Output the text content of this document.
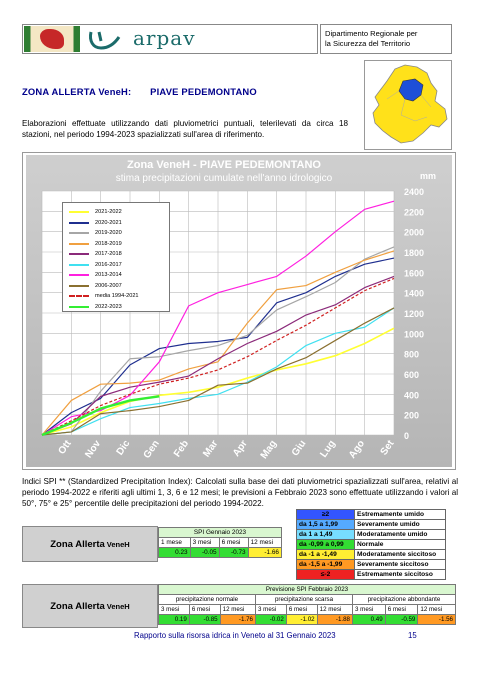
arpav	Dipartimento Regionale per
la Sicurezza del Territorio
ZONA ALLERTA VeneH: PIAVE PEDEMONTANO
Elaborazioni effettuate utilizzando dati pluviometrici puntuali, telerilevati da circa 18 stazioni, nel periodo 1994-2023 spazializzati sull'area di riferimento.
0
200
400
600
800
1000
1200
1400
1600
1800
2000
2200
2400
Ott Nov Dic Gen Feb Mar Apr Mag Giu Lug Ago Set
Zona VeneH - PIAVE PEDEMONTANO
stima precipitazioni cumulate nell'anno idrologico	mm
2021-2022
2020-2021
2019-2020
2018-2019
2017-2018
2016-2017
2013-2014
2006-2007
media 1994-2021
2022-2023
Indici SPI ** (Standardized Precipitation Index): Calcolati sulla base dei dati pluviometrici spazializzati sull'area, relativi al periodo 1994-2022 e riferiti agli ultimi 1, 3, 6 e 12 mesi; le previsioni a Febbraio 2023 sono effettuate utilizzando i valori al 50°, 75° e 25° percentile delle precipitazioni del periodo 1994-2022.
Zona Allerta VeneH
SPI Gennaio 2023			
1 mese	3 mesi	6 mesi	12 mesi
0.23	-0.05	-0.73	-1.66
≥2	Estremamente umido
da 1,5 a 1,99	Severamente umido
da 1 a 1,49	Moderatamente umido
da -0,99 a 0,99	Normale
da -1 a -1,49	Moderatamente siccitoso
da -1,5 a -1,99	Severamente siccitoso
≤-2	Estremamente siccitoso
Zona Allerta VeneH
Previsione SPI Febbraio 2023								
precipitazione normale			precipitazione scarsa			precipitazione abbondante		
3 mesi	6 mesi	12 mesi	3 mesi	6 mesi	12 mesi	3 mesi	6 mesi	12 mesi
0.19	-0.85	-1.76	-0.02	-1.02	-1.88	0.49	-0.59	-1.56
Rapporto sulla risorsa idrica in Veneto al 31 Gennaio 2023	15
